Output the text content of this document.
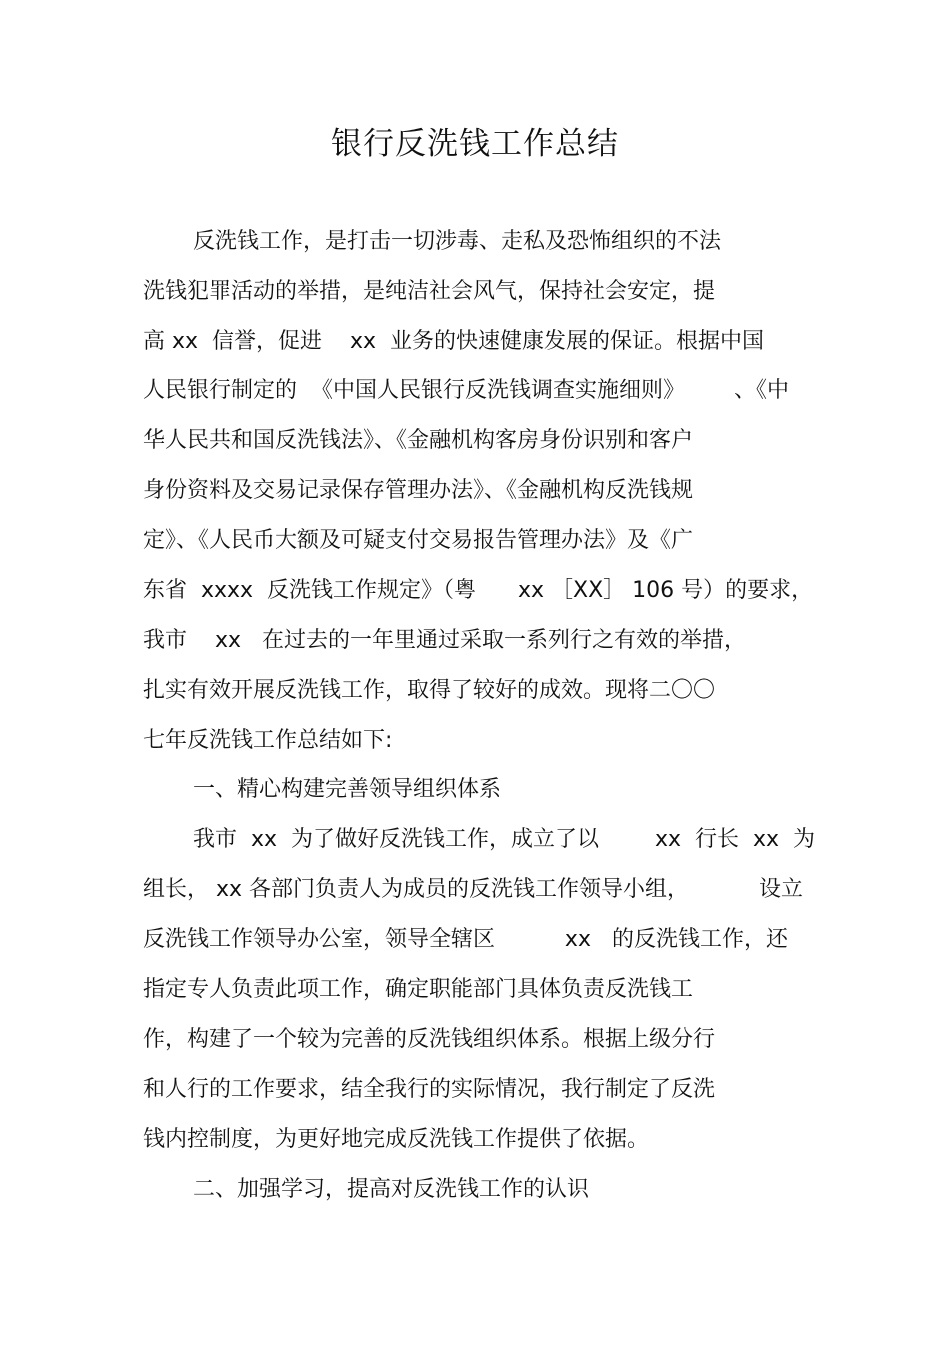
银行反洗钱工作总结
反洗钱工作，是打击一切涉毒、走私及恐怖组织的不法
洗钱犯罪活动的举措，是纯洁社会风气，保持社会安定，提
高 xx  信誉，促进    xx  业务的快速健康发展的保证。根据中国
人民银行制定的  《中国人民银行反洗钱调查实施细则》       、《中
华人民共和国反洗钱法》、《金融机构客房身份识别和客户
身份资料及交易记录保存管理办法》、《金融机构反洗钱规
定》、《人民币大额及可疑支付交易报告管理办法》及《广
东省  xxxx  反洗钱工作规定》（粤      xx ［XX］ 106 号）的要求，
我市    xx   在过去的一年里通过采取一系列行之有效的举措，
扎实有效开展反洗钱工作，取得了较好的成效。现将二〇〇
七年反洗钱工作总结如下:
一、精心构建完善领导组织体系
我市  xx  为了做好反洗钱工作，成立了以        xx  行长  xx  为
组长， xx 各部门负责人为成员的反洗钱工作领导小组，          设立
反洗钱工作领导办公室，领导全辖区          xx   的反洗钱工作，还
指定专人负责此项工作，确定职能部门具体负责反洗钱工
作，构建了一个较为完善的反洗钱组织体系。根据上级分行
和人行的工作要求，结全我行的实际情况，我行制定了反洗
钱内控制度，为更好地完成反洗钱工作提供了依据。
二、加强学习，提高对反洗钱工作的认识
